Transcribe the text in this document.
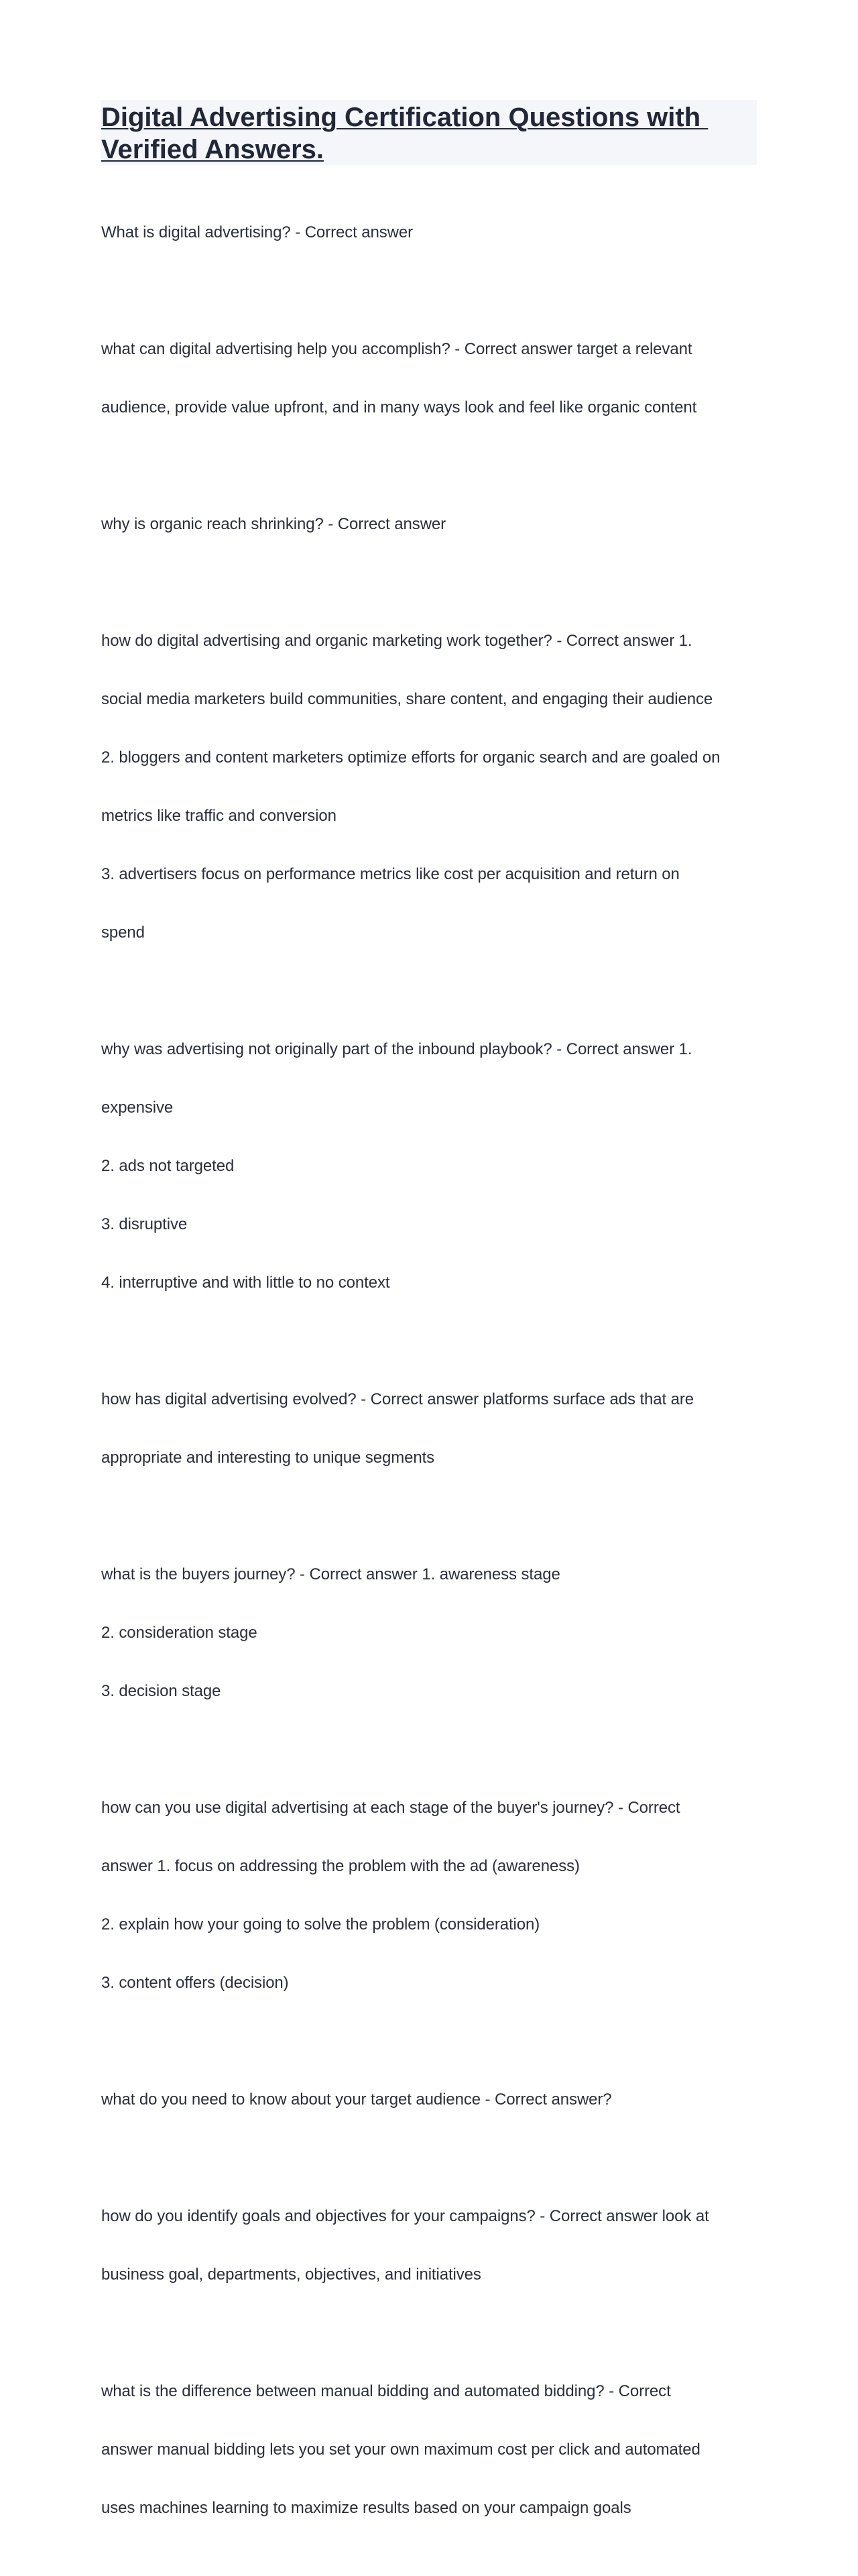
Digital Advertising Certification Questions with
Verified Answers.

What is digital advertising? - Correct answer

what can digital advertising help you accomplish? - Correct answer target a relevant

audience, provide value upfront, and in many ways look and feel like organic content

why is organic reach shrinking? - Correct answer

how do digital advertising and organic marketing work together? - Correct answer 1.

social media marketers build communities, share content, and engaging their audience

2. bloggers and content marketers optimize efforts for organic search and are goaled on

metrics like traffic and conversion

3. advertisers focus on performance metrics like cost per acquisition and return on

spend

why was advertising not originally part of the inbound playbook? - Correct answer 1.

expensive

2. ads not targeted

3. disruptive

4. interruptive and with little to no context

how has digital advertising evolved? - Correct answer platforms surface ads that are

appropriate and interesting to unique segments

what is the buyers journey? - Correct answer 1. awareness stage

2. consideration stage

3. decision stage

how can you use digital advertising at each stage of the buyer's journey? - Correct

answer 1. focus on addressing the problem with the ad (awareness)

2. explain how your going to solve the problem (consideration)

3. content offers (decision)

what do you need to know about your target audience - Correct answer?

how do you identify goals and objectives for your campaigns? - Correct answer look at

business goal, departments, objectives, and initiatives

what is the difference between manual bidding and automated bidding? - Correct

answer manual bidding lets you set your own maximum cost per click and automated

uses machines learning to maximize results based on your campaign goals
